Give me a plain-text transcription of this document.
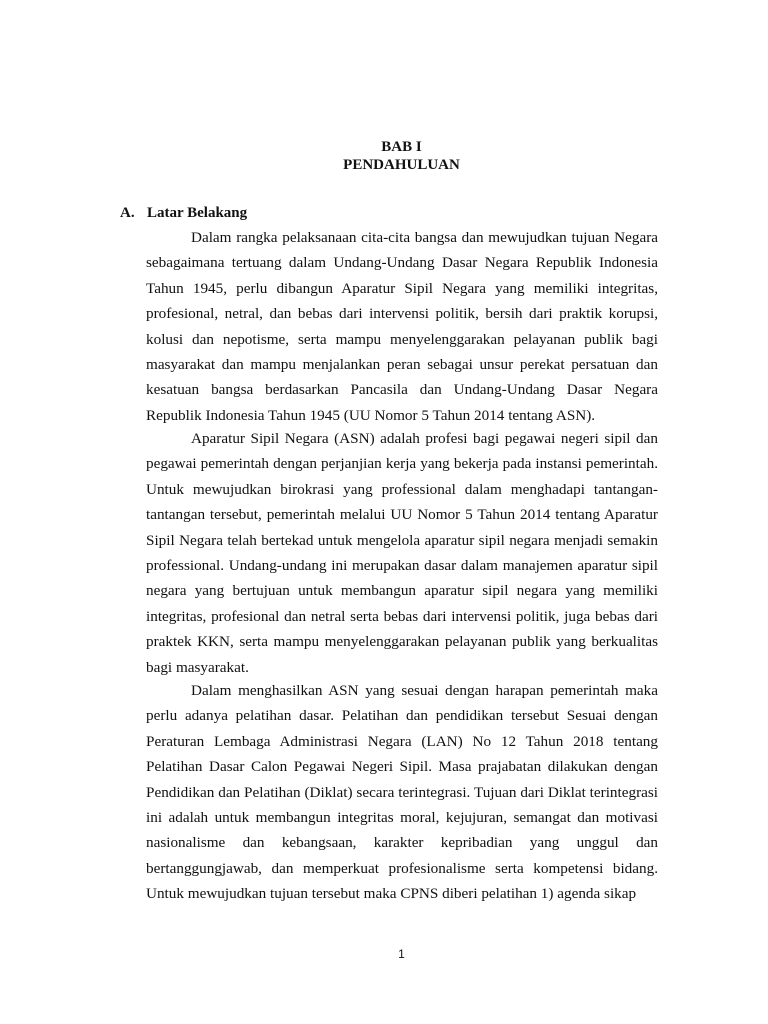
BAB I
PENDAHULUAN
A. Latar Belakang

Dalam rangka pelaksanaan cita-cita bangsa dan mewujudkan tujuan Negara sebagaimana tertuang dalam Undang-Undang Dasar Negara Republik Indonesia Tahun 1945, perlu dibangun Aparatur Sipil Negara yang memiliki integritas, profesional, netral, dan bebas dari intervensi politik, bersih dari praktik korupsi, kolusi dan nepotisme, serta mampu menyelenggarakan pelayanan publik bagi masyarakat dan mampu menjalankan peran sebagai unsur perekat persatuan dan kesatuan bangsa berdasarkan Pancasila dan Undang-Undang Dasar Negara Republik Indonesia Tahun 1945 (UU Nomor 5 Tahun 2014 tentang ASN).

Aparatur Sipil Negara (ASN) adalah profesi bagi pegawai negeri sipil dan pegawai pemerintah dengan perjanjian kerja yang bekerja pada instansi pemerintah. Untuk mewujudkan birokrasi yang professional dalam menghadapi tantangan-tantangan tersebut, pemerintah melalui UU Nomor 5 Tahun 2014 tentang Aparatur Sipil Negara telah bertekad untuk mengelola aparatur sipil negara menjadi semakin professional. Undang-undang ini merupakan dasar dalam manajemen aparatur sipil negara yang bertujuan untuk membangun aparatur sipil negara yang memiliki integritas, profesional dan netral serta bebas dari intervensi politik, juga bebas dari praktek KKN, serta mampu menyelenggarakan pelayanan publik yang berkualitas bagi masyarakat.

Dalam menghasilkan ASN yang sesuai dengan harapan pemerintah maka perlu adanya pelatihan dasar. Pelatihan dan pendidikan tersebut Sesuai dengan Peraturan Lembaga Administrasi Negara (LAN) No 12 Tahun 2018 tentang Pelatihan Dasar Calon Pegawai Negeri Sipil. Masa prajabatan dilakukan dengan Pendidikan dan Pelatihan (Diklat) secara terintegrasi. Tujuan dari Diklat terintegrasi ini adalah untuk membangun integritas moral, kejujuran, semangat dan motivasi nasionalisme dan kebangsaan, karakter kepribadian yang unggul dan bertanggungjawab, dan memperkuat profesionalisme serta kompetensi bidang. Untuk mewujudkan tujuan tersebut maka CPNS diberi pelatihan 1) agenda sikap

1
